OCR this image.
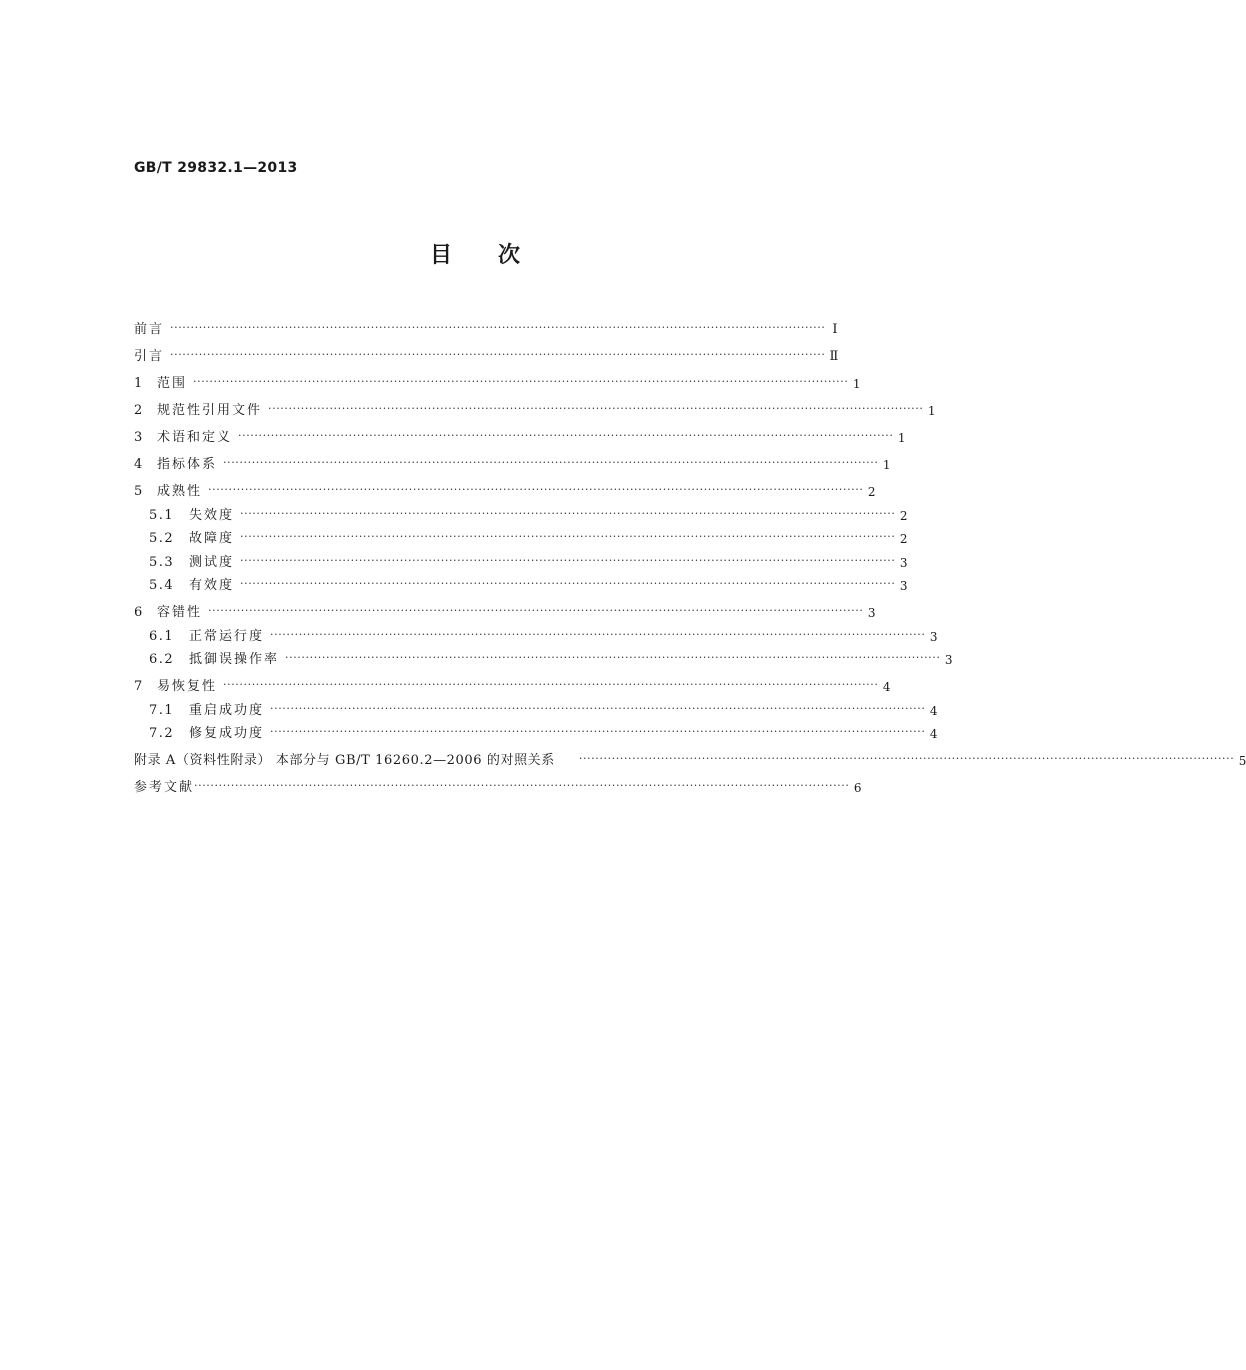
GB/T 29832.1—2013
目次
前言 ································································································································································ Ⅰ
引言 ································································································································································ Ⅱ
1	范围 ································································································································································ 1
2	规范性引用文件 ································································································································································ 1
3	术语和定义 ································································································································································ 1
4	指标体系 ································································································································································ 1
5	成熟性 ································································································································································ 2
5.1	失效度 ································································································································································ 2
5.2	故障度 ································································································································································ 2
5.3	测试度 ································································································································································ 3
5.4	有效度 ································································································································································ 3
6	容错性 ································································································································································ 3
6.1	正常运行度 ································································································································································ 3
6.2	抵御误操作率 ································································································································································ 3
7	易恢复性 ································································································································································ 4
7.1	重启成功度 ································································································································································ 4
7.2	修复成功度 ································································································································································ 4
附录 A（资料性附录） 本部分与 GB/T 16260.2—2006 的对照关系	································································································································································ 5
参考文献 ································································································································································ 6
